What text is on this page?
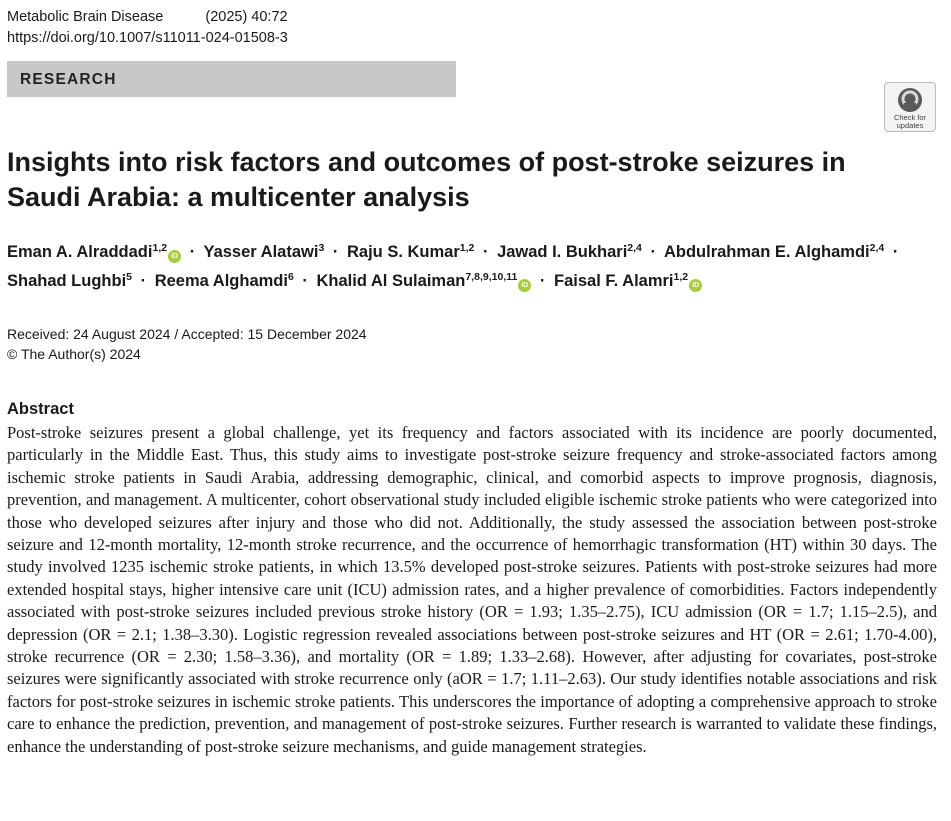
Metabolic Brain Disease	(2025) 40:72
https://doi.org/10.1007/s11011-024-01508-3
RESEARCH
Check for
updates
Insights into risk factors and outcomes of post-stroke seizures in Saudi Arabia: a multicenter analysis
Eman A. Alraddadi$^{1,2}$iD · Yasser Alatawi$^3$ · Raju S. Kumar$^{1,2}$ · Jawad I. Bukhari$^{2,4}$ · Abdulrahman E. Alghamdi$^{2,4}$ · Shahad Lughbi$^5$ · Reema Alghamdi$^6$ · Khalid Al Sulaiman$^{7,8,9,10,11}$iD · Faisal F. Alamri$^{1,2}$iD
Received: 24 August 2024 / Accepted: 15 December 2024
© The Author(s) 2024
Abstract

Post-stroke seizures present a global challenge, yet its frequency and factors associated with its incidence are poorly documented, particularly in the Middle East. Thus, this study aims to investigate post-stroke seizure frequency and stroke-associated factors among ischemic stroke patients in Saudi Arabia, addressing demographic, clinical, and comorbid aspects to improve prognosis, diagnosis, prevention, and management. A multicenter, cohort observational study included eligible ischemic stroke patients who were categorized into those who developed seizures after injury and those who did not. Additionally, the study assessed the association between post-stroke seizure and 12-month mortality, 12-month stroke recurrence, and the occurrence of hemorrhagic transformation (HT) within 30 days. The study involved 1235 ischemic stroke patients, in which 13.5% developed post-stroke seizures. Patients with post-stroke seizures had more extended hospital stays, higher intensive care unit (ICU) admission rates, and a higher prevalence of comorbidities. Factors independently associated with post-stroke seizures included previous stroke history (OR = 1.93; 1.35–2.75), ICU admission (OR = 1.7; 1.15–2.5), and depression (OR = 2.1; 1.38–3.30). Logistic regression revealed associations between post-stroke seizures and HT (OR = 2.61; 1.70-4.00), stroke recurrence (OR = 2.30; 1.58–3.36), and mortality (OR = 1.89; 1.33–2.68). However, after adjusting for covariates, post-stroke seizures were significantly associated with stroke recurrence only (aOR = 1.7; 1.11–2.63). Our study identifies notable associations and risk factors for post-stroke seizures in ischemic stroke patients. This underscores the importance of adopting a comprehensive approach to stroke care to enhance the prediction, prevention, and management of post-stroke seizures. Further research is warranted to validate these findings, enhance the understanding of post-stroke seizure mechanisms, and guide management strategies.
